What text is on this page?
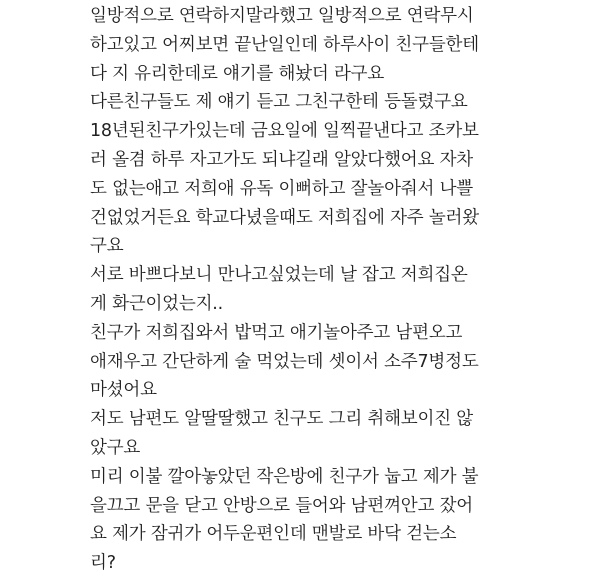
일방적으로 연락하지말라했고 일방적으로 연락무시
하고있고 어찌보면 끝난일인데 하루사이 친구들한테
다 지 유리한데로 얘기를 해놨더 라구요
다른친구들도 제 얘기 듣고 그친구한테 등돌렸구요
18년된친구가있는데 금요일에 일찍끝낸다고 조카보
러 올겸 하루 자고가도 되냐길래 알았다했어요 자차
도 없는애고 저희애 유독 이뻐하고 잘놀아줘서 나쁠
건없었거든요 학교다녔을때도 저희집에 자주 놀러왔
구요
서로 바쁘다보니 만나고싶었는데 날 잡고 저희집온
게 화근이었는지..
친구가 저희집와서 밥먹고 애기놀아주고 남편오고
애재우고 간단하게 술 먹었는데 셋이서 소주7병정도
마셨어요
저도 남편도 알딸딸했고 친구도 그리 취해보이진 않
았구요
미리 이불 깔아놓았던 작은방에 친구가 눕고 제가 불
을끄고 문을 닫고 안방으로 들어와 남편껴안고 잤어
요 제가 잠귀가 어두운편인데 맨발로 바닥 걷는소
리?
